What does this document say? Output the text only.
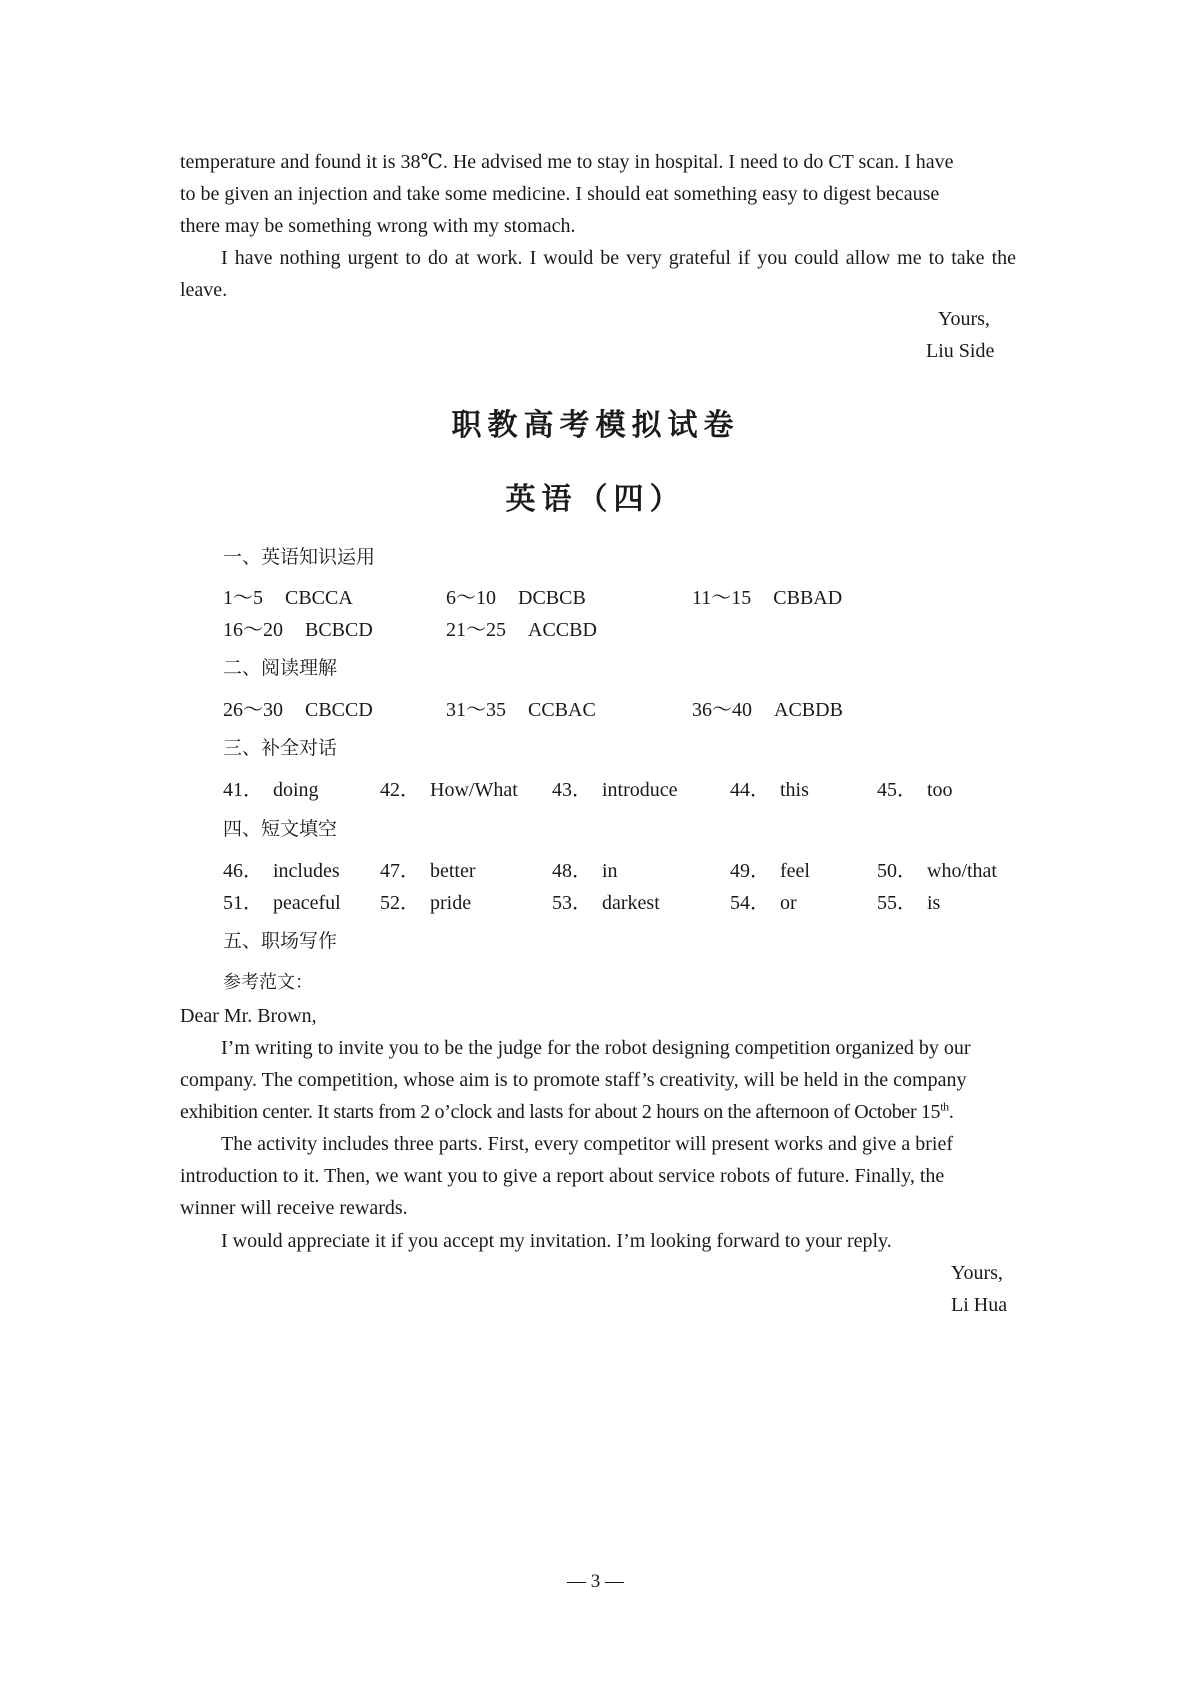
temperature and found it is 38℃. He advised me to stay in hospital. I need to do CT scan. I have
to be given an injection and take some medicine. I should eat something easy to digest because
there may be something wrong with my stomach.
I have nothing urgent to do at work. I would be very grateful if you could allow me to take the leave.
Yours,
Liu Side
职教高考模拟试卷
英语（四）
一、英语知识运用
1～5 CBCCA	6～10 DCBCB	11～15 CBBAD
16～20 BCBCD	21～25 ACCBD
二、阅读理解
26～30 CBCCD	31～35 CCBAC	36～40 ACBDB
三、补全对话
41． doing	42． How/What 43． introduce	44． this	45． too
四、短文填空
46． includes 47． better	48． in	49． feel	50． who/that
51． peaceful 52． pride	53． darkest	54． or	55． is
五、职场写作
参考范文：
Dear Mr. Brown,
I’m writing to invite you to be the judge for the robot designing competition organized by our
company. The competition, whose aim is to promote staff’s creativity, will be held in the company
exhibition center. It starts from 2 o’clock and lasts for about 2 hours on the afternoon of October 15th.
The activity includes three parts. First, every competitor will present works and give a brief
introduction to it. Then, we want you to give a report about service robots of future. Finally, the
winner will receive rewards.
I would appreciate it if you accept my invitation. I’m looking forward to your reply.
Yours,
Li Hua
— 3 —
